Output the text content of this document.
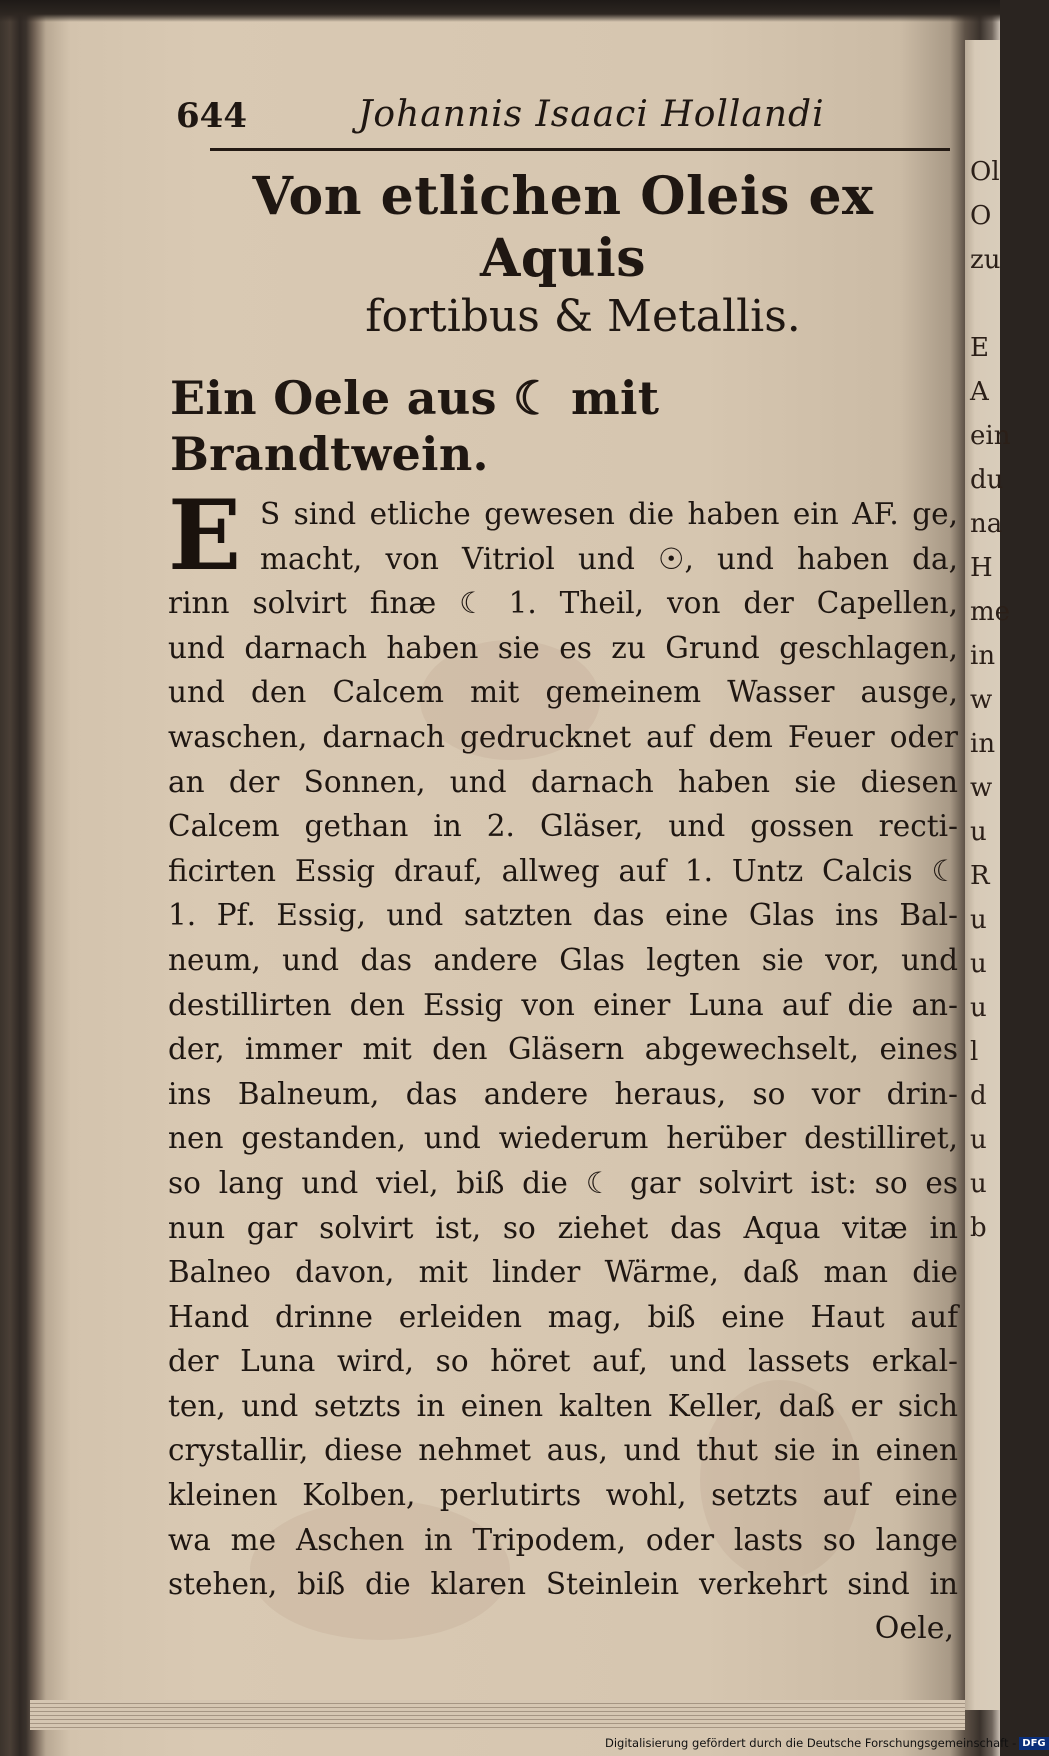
Ol
O
zu
E
A
ein
du
na
H
me
in
w
in
w
u
R
u
u
u
l
d
u
u
b
644	Johannis Isaaci Hollandi
Von etlichen Oleis ex Aquis
fortibus & Metallis.
Ein Oele aus ☾ mit Brandtwein.
E S sind etliche gewesen die haben ein AF. ge,
macht, von Vitriol und ☉, und haben da,
rinn solvirt finæ ☾ 1. Theil, von der Capellen,
und darnach haben sie es zu Grund geschlagen,
und den Calcem mit gemeinem Wasser ausge,
waschen, darnach gedrucknet auf dem Feuer oder
an der Sonnen, und darnach haben sie diesen
Calcem gethan in 2. Gläser, und gossen recti-
ficirten Essig drauf, allweg auf 1. Untz Calcis ☾
1. Pf. Essig, und satzten das eine Glas ins Bal-
neum, und das andere Glas legten sie vor, und
destillirten den Essig von einer Luna auf die an-
der, immer mit den Gläsern abgewechselt, eines
ins Balneum, das andere heraus, so vor drin-
nen gestanden, und wiederum herüber destilliret,
so lang und viel, biß die ☾ gar solvirt ist: so es
nun gar solvirt ist, so ziehet das Aqua vitæ in
Balneo davon, mit linder Wärme, daß man die
Hand drinne erleiden mag, biß eine Haut auf
der Luna wird, so höret auf, und lassets erkal-
ten, und setzts in einen kalten Keller, daß er sich
crystallir, diese nehmet aus, und thut sie in einen
kleinen Kolben, perlutirts wohl, setzts auf eine
wa me Aschen in Tripodem, oder lasts so lange
stehen, biß die klaren Steinlein verkehrt sind in
Oele,
Digitalisierung gefördert durch die Deutsche Forschungsgemeinschaft - DFG
